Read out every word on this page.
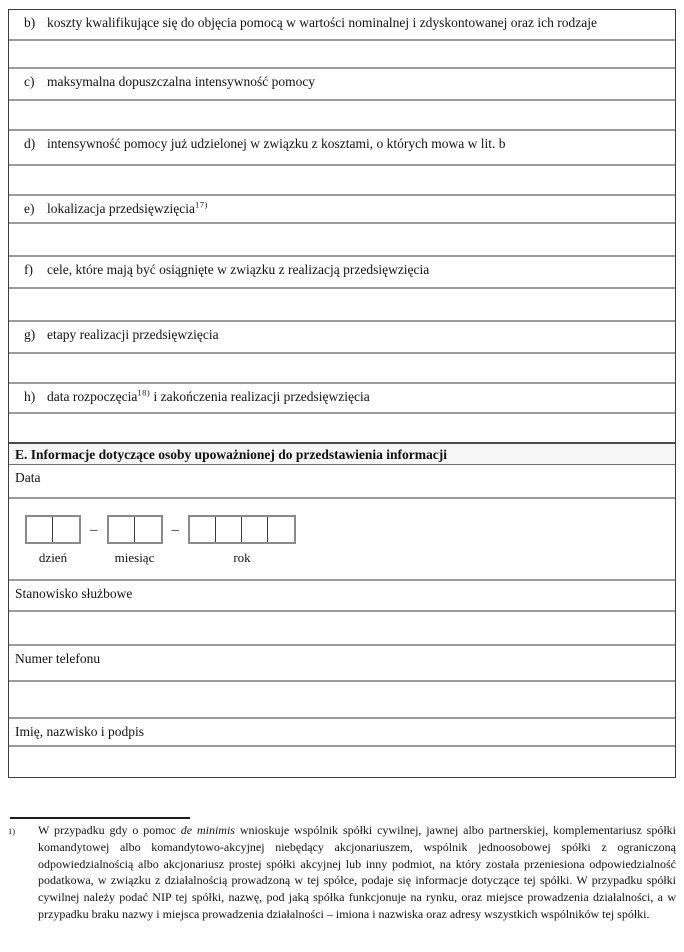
b) koszty kwalifikujące się do objęcia pomocą w wartości nominalnej i zdyskontowanej oraz ich rodzaje
c) maksymalna dopuszczalna intensywność pomocy
d) intensywność pomocy już udzielonej w związku z kosztami, o których mowa w lit. b
e) lokalizacja przedsięwzięcia$^{17)}$
f)	cele, które mają być osiągnięte w związku z realizacją przedsięwzięcia
g) etapy realizacji przedsięwzięcia
h) data rozpoczęcia$^{18)}$ i zakończenia realizacji przedsięwzięcia
E. Informacje dotyczące osoby upoważnionej do przedstawienia informacji
Data
dzień
–
miesiąc
–
rok
Stanowisko służbowe
Numer telefonu
Imię, nazwisko i podpis
1)	W przypadku gdy o pomoc de minimis wnioskuje wspólnik spółki cywilnej, jawnej albo partnerskiej, komplementariusz spółki komandytowej albo komandytowo-akcyjnej niebędący akcjonariuszem, wspólnik jednoosobowej spółki z ograniczoną odpowiedzialnością albo akcjonariusz prostej spółki akcyjnej lub inny podmiot, na który została przeniesiona odpowiedzialność podatkowa, w związku z działalnością prowadzoną w tej spółce, podaje się informacje dotyczące tej spółki. W przypadku spółki cywilnej należy podać NIP tej spółki, nazwę, pod jaką spółka funkcjonuje na rynku, oraz miejsce prowadzenia działalności, a w przypadku braku nazwy i miejsca prowadzenia działalności – imiona i nazwiska oraz adresy wszystkich wspólników tej spółki.
